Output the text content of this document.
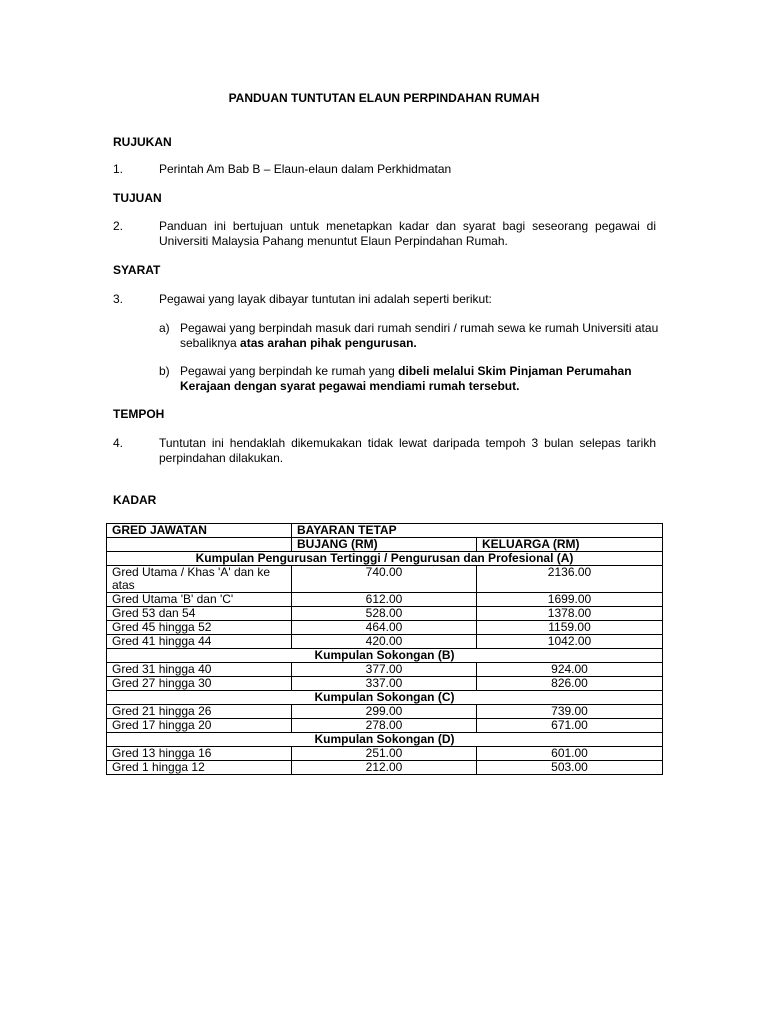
PANDUAN TUNTUTAN ELAUN PERPINDAHAN RUMAH
RUJUKAN
1.	Perintah Am Bab B – Elaun-elaun dalam Perkhidmatan
TUJUAN
2.	Panduan ini bertujuan untuk menetapkan kadar dan syarat bagi seseorang pegawai di Universiti Malaysia Pahang menuntut Elaun Perpindahan Rumah.
SYARAT
3.	Pegawai yang layak dibayar tuntutan ini adalah seperti berikut:
a) Pegawai yang berpindah masuk dari rumah sendiri / rumah sewa ke rumah Universiti atau sebaliknya atas arahan pihak pengurusan.
b) Pegawai yang berpindah ke rumah yang dibeli melalui Skim Pinjaman Perumahan Kerajaan dengan syarat pegawai mendiami rumah tersebut.
TEMPOH
4.	Tuntutan ini hendaklah dikemukakan tidak lewat daripada tempoh 3 bulan selepas tarikh perpindahan dilakukan.
KADAR
GRED JAWATAN	BAYARAN TETAP	
	BUJANG (RM)	KELUARGA (RM)
Kumpulan Pengurusan Tertinggi / Pengurusan dan Profesional (A)		
Gred Utama / Khas 'A' dan ke atas	740.00	2136.00
Gred Utama 'B' dan 'C'	612.00	1699.00
Gred 53 dan 54	528.00	1378.00
Gred 45 hingga 52	464.00	1159.00
Gred 41 hingga 44	420.00	1042.00
Kumpulan Sokongan (B)		
Gred 31 hingga 40	377.00	924.00
Gred 27 hingga 30	337.00	826.00
Kumpulan Sokongan (C)		
Gred 21 hingga 26	299.00	739.00
Gred 17 hingga 20	278.00	671.00
Kumpulan Sokongan (D)		
Gred 13 hingga 16	251.00	601.00
Gred 1 hingga 12	212.00	503.00
